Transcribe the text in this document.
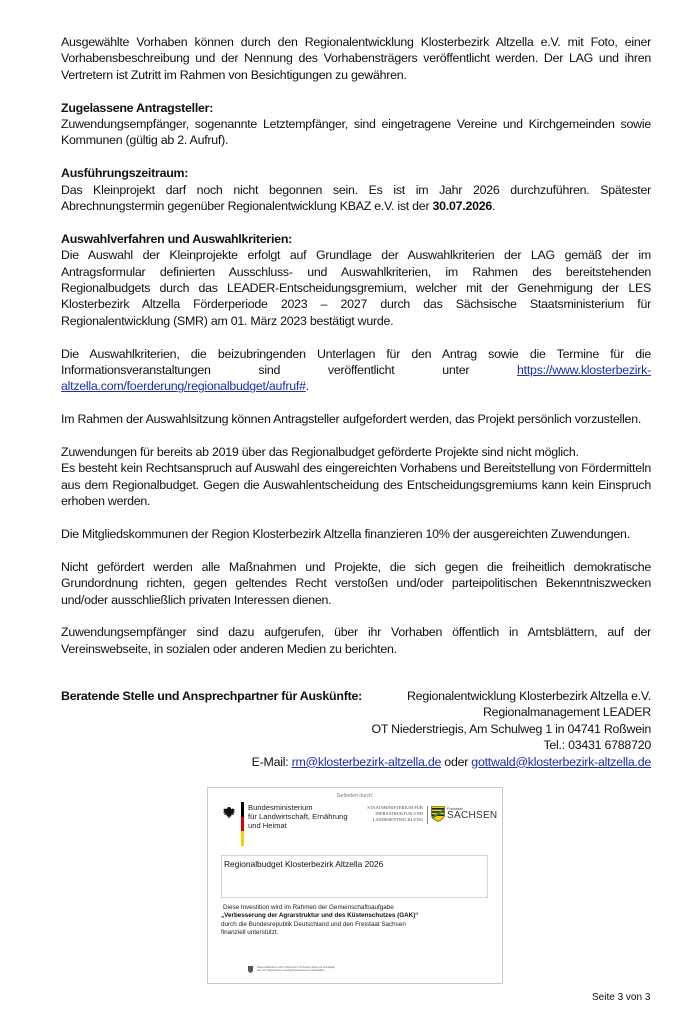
Ausgewählte Vorhaben können durch den Regionalentwicklung Klosterbezirk Altzella e.V. mit Foto, einer Vorhabensbeschreibung und der Nennung des Vorhabensträgers veröffentlicht werden. Der LAG und ihren Vertretern ist Zutritt im Rahmen von Besichtigungen zu gewähren.

Zugelassene Antragsteller:

Zuwendungsempfänger, sogenannte Letztempfänger, sind eingetragene Vereine und Kirchgemeinden sowie Kommunen (gültig ab 2. Aufruf).

Ausführungszeitraum:

Das Kleinprojekt darf noch nicht begonnen sein. Es ist im Jahr 2026 durchzuführen. Spätester Abrechnungstermin gegenüber Regionalentwicklung KBAZ e.V. ist der 30.07.2026.

Auswahlverfahren und Auswahlkriterien:

Die Auswahl der Kleinprojekte erfolgt auf Grundlage der Auswahlkriterien der LAG gemäß der im Antragsformular definierten Ausschluss- und Auswahlkriterien, im Rahmen des bereitstehenden Regionalbudgets durch das LEADER-Entscheidungsgremium, welcher mit der Genehmigung der LES Klosterbezirk Altzella Förderperiode 2023 – 2027 durch das Sächsische Staatsministerium für Regionalentwicklung (SMR) am 01. März 2023 bestätigt wurde.

Die Auswahlkriterien, die beizubringenden Unterlagen für den Antrag sowie die Termine für die Informationsveranstaltungen sind veröffentlicht unter https://www.klosterbezirk-altzella.com/foerderung/regionalbudget/aufruf#.

Im Rahmen der Auswahlsitzung können Antragsteller aufgefordert werden, das Projekt persönlich vorzustellen.

Zuwendungen für bereits ab 2019 über das Regionalbudget geförderte Projekte sind nicht möglich.

Es besteht kein Rechtsanspruch auf Auswahl des eingereichten Vorhabens und Bereitstellung von Fördermitteln aus dem Regionalbudget. Gegen die Auswahlentscheidung des Entscheidungsgremiums kann kein Einspruch erhoben werden.

Die Mitgliedskommunen der Region Klosterbezirk Altzella finanzieren 10% der ausgereichten Zuwendungen.

Nicht gefördert werden alle Maßnahmen und Projekte, die sich gegen die freiheitlich demokratische Grundordnung richten, gegen geltendes Recht verstoßen und/oder parteipolitischen Bekenntniszwecken und/oder ausschließlich privaten Interessen dienen.

Zuwendungsempfänger sind dazu aufgerufen, über ihr Vorhaben öffentlich in Amtsblättern, auf der Vereinswebseite, in sozialen oder anderen Medien zu berichten.

Beratende Stelle und Ansprechpartner für Auskünfte:	Regionalentwicklung Klosterbezirk Altzella e.V.
Regionalmanagement LEADER
OT Niederstriegis, Am Schulweg 1 in 04741 Roßwein
Tel.: 03431 6788720
E-Mail: rm@klosterbezirk-altzella.de oder gottwald@klosterbezirk-altzella.de
Gefördert durch:
Bundesministerium
für Landwirtschaft, Ernährung
und Heimat
STAATSMINISTERIUM FÜR
INFRASTRUKTUR UND
LANDESENTWICKLUNG
Freistaat
SACHSEN
Regionalbudget Klosterbezirk Altzella 2026
Diese Investition wird im Rahmen der Gemeinschaftsaufgabe
„Verbesserung der Agrarstruktur und des Küstenschutzes (GAK)“
durch die Bundesrepublik Deutschland und den Freistaat Sachsen
finanziell unterstützt.
Diese Maßnahme wird mitfinanziert mit Steuermitteln auf Grundlage
des vom Sächsischen Landtag beschlossenen Haushaltes.
Seite 3 von 3
